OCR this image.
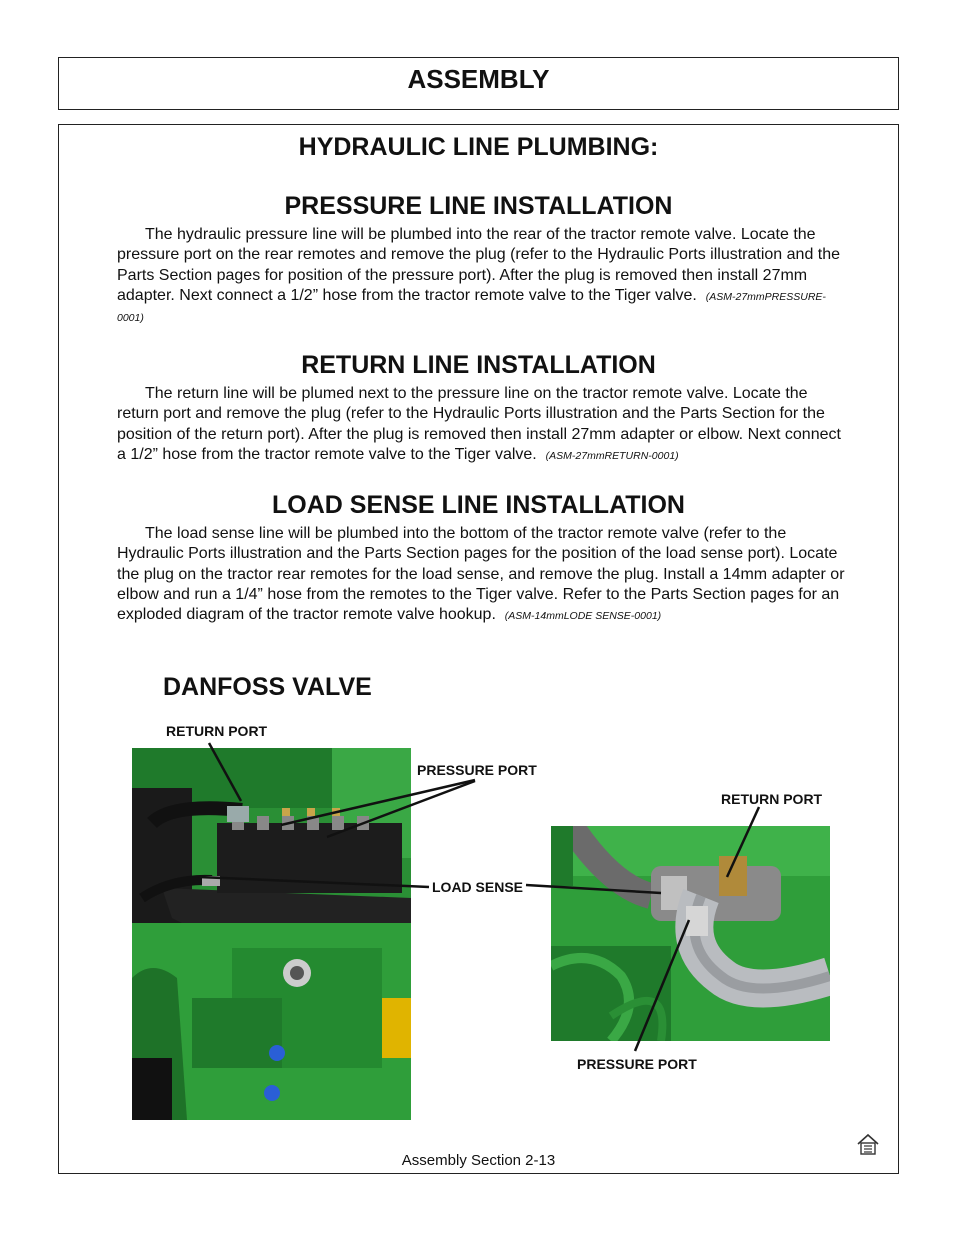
ASSEMBLY
HYDRAULIC LINE PLUMBING:
PRESSURE LINE INSTALLATION

The hydraulic pressure line will be plumbed into the rear of the tractor remote valve. Locate the pressure port on the rear remotes and remove the plug (refer to the Hydraulic Ports illustration and the Parts Section pages for position of the pressure port). After the plug is removed then install 27mm adapter. Next connect a 1/2” hose from the tractor remote valve to the Tiger valve. (ASM-27mmPRESSURE-0001)

RETURN LINE INSTALLATION

The return line will be plumed next to the pressure line on the tractor remote valve. Locate the return port and remove the plug (refer to the Hydraulic Ports illustration and the Parts Section for the position of the return port). After the plug is removed then install 27mm adapter or elbow. Next connect a 1/2” hose from the tractor remote valve to the Tiger valve. (ASM-27mmRETURN-0001)

LOAD SENSE LINE INSTALLATION

The load sense line will be plumbed into the bottom of the tractor remote valve (refer to the Hydraulic Ports illustration and the Parts Section pages for the position of the load sense port). Locate the plug on the tractor rear remotes for the load sense, and remove the plug. Install a 14mm adapter or elbow and run a 1/4” hose from the remotes to the Tiger valve. Refer to the Parts Section pages for an exploded diagram of the tractor remote valve hookup. (ASM-14mmLODE SENSE-0001)

DANFOSS VALVE
RETURN PORT
PRESSURE PORT
LOAD SENSE
RETURN PORT
PRESSURE PORT
Assembly Section 2-13
